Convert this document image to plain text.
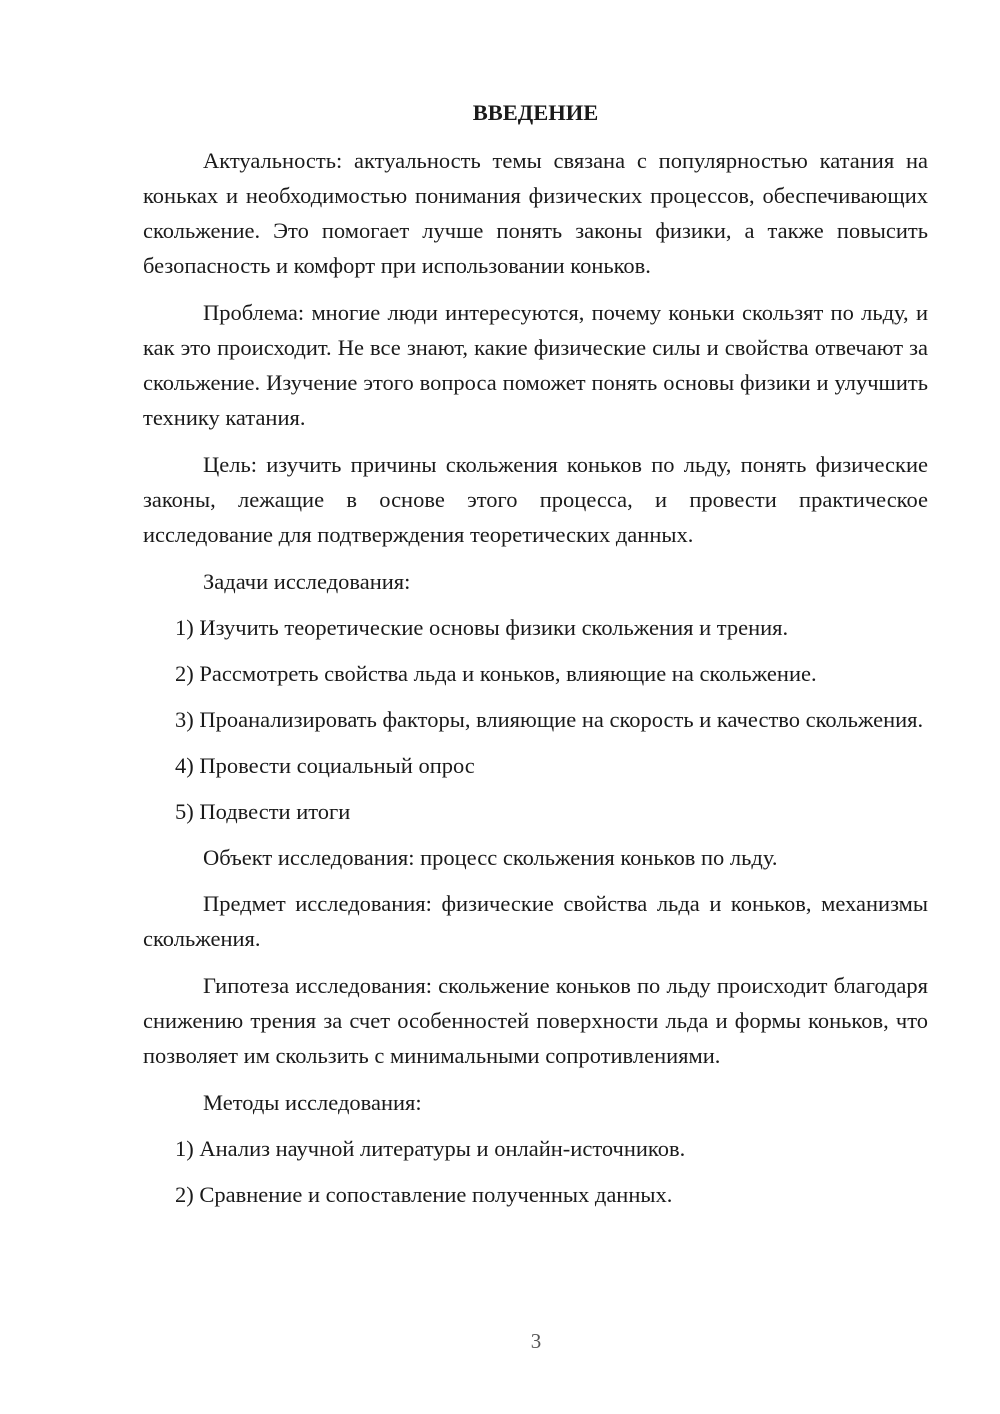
ВВЕДЕНИЕ

Актуальность: актуальность темы связана с популярностью катания на коньках и необходимостью понимания физических процессов, обеспечивающих скольжение. Это помогает лучше понять законы физики, а также повысить безопасность и комфорт при использовании коньков.

Проблема: многие люди интересуются, почему коньки скользят по льду, и как это происходит. Не все знают, какие физические силы и свойства отвечают за скольжение. Изучение этого вопроса поможет понять основы физики и улучшить технику катания.

Цель: изучить причины скольжения коньков по льду, понять физические законы, лежащие в основе этого процесса, и провести практическое исследование для подтверждения теоретических данных.

Задачи исследования:

1) Изучить теоретические основы физики скольжения и трения.

2) Рассмотреть свойства льда и коньков, влияющие на скольжение.

3) Проанализировать факторы, влияющие на скорость и качество скольжения.

4) Провести социальный опрос

5) Подвести итоги

Объект исследования: процесс скольжения коньков по льду.

Предмет исследования: физические свойства льда и коньков, механизмы скольжения.

Гипотеза исследования: скольжение коньков по льду происходит благодаря снижению трения за счет особенностей поверхности льда и формы коньков, что позволяет им скользить с минимальными сопротивлениями.

Методы исследования:

1) Анализ научной литературы и онлайн-источников.

2) Сравнение и сопоставление полученных данных.

3
